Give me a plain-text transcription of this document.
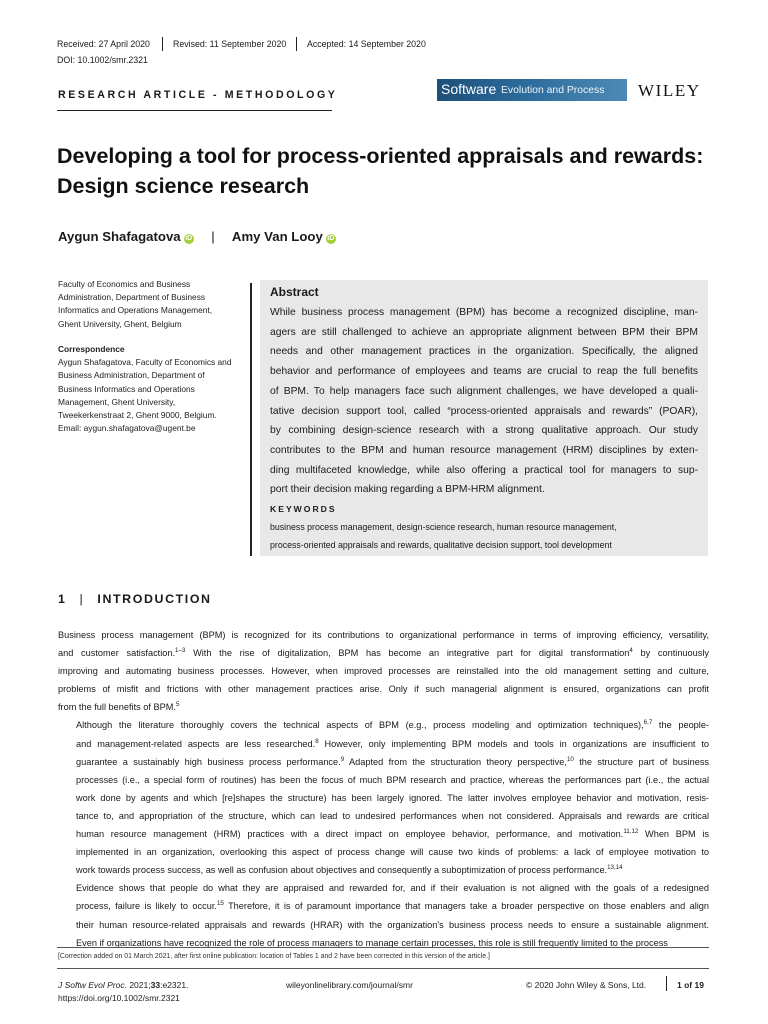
Received: 27 April 2020	Revised: 11 September 2020 Accepted: 14 September 2020
DOI: 10.1002/smr.2321
RESEARCH ARTICLE - METHODOLOGY	Software Evolution and Process WILEY
Developing a tool for process-oriented appraisals and rewards:
Design science research
Aygun Shafagatova iD | Amy Van Looy iD
Faculty of Economics and Business
Administration, Department of Business
Informatics and Operations Management,
Ghent University, Ghent, Belgium
Correspondence
Aygun Shafagatova, Faculty of Economics and
Business Administration, Department of
Business Informatics and Operations
Management, Ghent University,
Tweekerkenstraat 2, Ghent 9000, Belgium.
Email: aygun.shafagatova@ugent.be
Abstract
While business process management (BPM) has become a recognized discipline, man-
agers are still challenged to achieve an appropriate alignment between BPM their BPM
needs and other management practices in the organization. Specifically, the aligned
behavior and performance of employees and teams are crucial to reap the full benefits
of BPM. To help managers face such alignment challenges, we have developed a quali-
tative decision support tool, called “process-oriented appraisals and rewards” (POAR),
by combining design-science research with a strong qualitative approach. Our study
contributes to the BPM and human resource management (HRM) disciplines by exten-
ding multifaceted knowledge, while also offering a practical tool for managers to sup-
port their decision making regarding a BPM-HRM alignment.
KEYWORDS
business process management, design-science research, human resource management,
process-oriented appraisals and rewards, qualitative decision support, tool development
1 | INTRODUCTION

Business process management (BPM) is recognized for its contributions to organizational performance in terms of improving efficiency, versatility,
and customer satisfaction.$^{1-3}$ With the rise of digitalization, BPM has become an integrative part for digital transformation$^4$ by continuously
improving and automating business processes. However, when improved processes are reinstalled into the old management setting and culture,
problems of misfit and frictions with other management practices arise. Only if such managerial alignment is ensured, organizations can profit
from the full benefits of BPM.$^5$

Although the literature thoroughly covers the technical aspects of BPM (e.g., process modeling and optimization techniques),$^{6,7}$ the people-
and management-related aspects are less researched.$^8$ However, only implementing BPM models and tools in organizations are insufficient to
guarantee a sustainably high business process performance.$^9$ Adapted from the structuration theory perspective,$^{10}$ the structure part of business
processes (i.e., a special form of routines) has been the focus of much BPM research and practice, whereas the performances part (i.e., the actual
work done by agents and which [re]shapes the structure) has been largely ignored. The latter involves employee behavior and motivation, resis-
tance to, and appropriation of the structure, which can lead to undesired performances when not considered. Appraisals and rewards are critical
human resource management (HRM) practices with a direct impact on employee behavior, performance, and motivation.$^{11,12}$ When BPM is
implemented in an organization, overlooking this aspect of process change will cause two kinds of problems: a lack of employee motivation to
work towards process success, as well as confusion about objectives and consequently a suboptimization of process performance.$^{13,14}$

Evidence shows that people do what they are appraised and rewarded for, and if their evaluation is not aligned with the goals of a redesigned
process, failure is likely to occur.$^{15}$ Therefore, it is of paramount importance that managers take a broader perspective on those enablers and align
their human resource-related appraisals and rewards (HRAR) with the organization's business process needs to ensure a sustainable alignment.
Even if organizations have recognized the role of process managers to manage certain processes, this role is still frequently limited to the process

[Correction added on 01 March 2021, after first online publication: location of Tables 1 and 2 have been corrected in this version of the article.]
J Softw Evol Proc. 2021;33:e2321.
https://doi.org/10.1002/smr.2321
wileyonlinelibrary.com/journal/smr	© 2020 John Wiley & Sons, Ltd.	1 of 19
